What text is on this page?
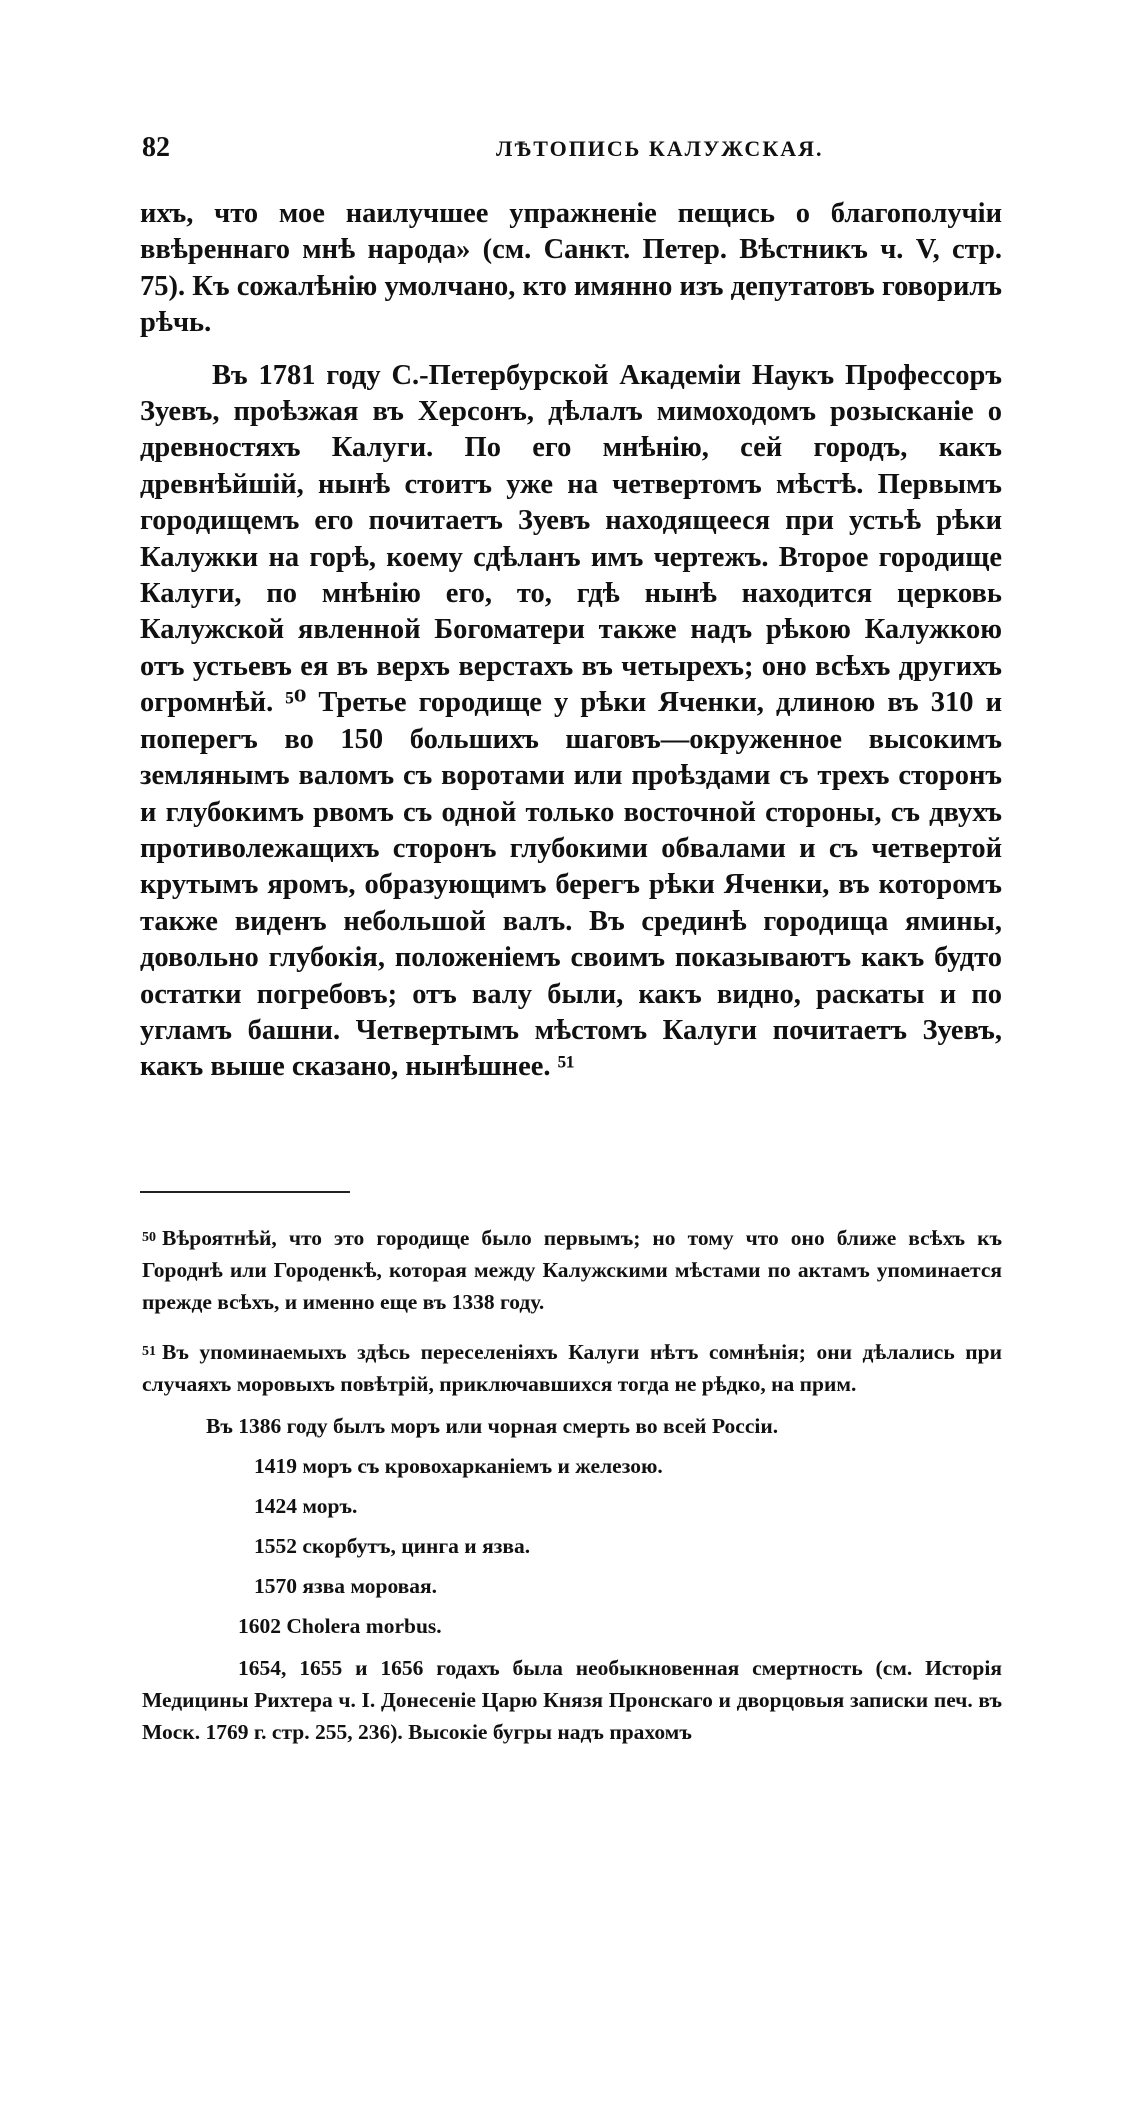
82	ЛѢТОПИСЬ КАЛУЖСКАЯ.

ихъ, что мое наилучшее упражненіе пещись о благополучіи ввѣреннаго мнѣ народа» (см. Санкт. Петер. Вѣстникъ ч. V, стр. 75). Къ сожалѣнію умолчано, кто имянно изъ депутатовъ говорилъ рѣчь.

Въ 1781 году С.-Петербурской Академіи Наукъ Профессоръ Зуевъ, проѣзжая въ Херсонъ, дѣлалъ мимоходомъ розысканіе о древностяхъ Калуги. По его мнѣнію, сей городъ, какъ древнѣйшій, нынѣ стоитъ уже на четвертомъ мѣстѣ. Первымъ городищемъ его почитаетъ Зуевъ находящееся при устьѣ рѣки Калужки на горѣ, коему сдѣланъ имъ чертежъ. Второе городище Калуги, по мнѣнію его, то, гдѣ нынѣ находится церковь Калужской явленной Богоматери также надъ рѣкою Калужкою отъ устьевъ ея въ верхъ верстахъ въ четырехъ; оно всѣхъ другихъ огромнѣй. ⁵⁰ Третье городище у рѣки Яченки, длиною въ 310 и поперегъ во 150 большихъ шаговъ—окруженное высокимъ землянымъ валомъ съ воротами или проѣздами съ трехъ сторонъ и глубокимъ рвомъ съ одной только восточной стороны, съ двухъ противолежащихъ сторонъ глубокими обвалами и съ четвертой крутымъ яромъ, образующимъ берегъ рѣки Яченки, въ которомъ также виденъ небольшой валъ. Въ срединѣ городища ямины, довольно глубокія, положеніемъ своимъ показываютъ какъ будто остатки погребовъ; отъ валу были, какъ видно, раскаты и по угламъ башни. Четвертымъ мѣстомъ Калуги почитаетъ Зуевъ, какъ выше сказано, нынѣшнее. ⁵¹

$^{50}$ Вѣроятнѣй, что это городище было первымъ; но тому что оно ближе всѣхъ къ Городнѣ или Городенкѣ, которая между Калужскими мѣстами по актамъ упоминается прежде всѣхъ, и именно еще въ 1338 году.

$^{51}$ Въ упоминаемыхъ здѣсь переселеніяхъ Калуги нѣтъ сомнѣнія; они дѣлались при случаяхъ моровыхъ повѣтрій, приключавшихся тогда не рѣдко, на прим.

Въ 1386 году былъ моръ или чорная смерть во всей Россіи.
1419 моръ съ кровохарканіемъ и железою.
1424 моръ.
1552 скорбутъ, цинга и язва.
1570 язва моровая.
1602 Cholera morbus.
1654, 1655 и 1656 годахъ была необыкновенная смертность (см. Исторія Медицины Рихтера ч. I. Донесеніе Царю Князя Пронскаго и дворцовыя записки печ. въ Моск. 1769 г. стр. 255, 236). Высокіе бугры надъ прахомъ
